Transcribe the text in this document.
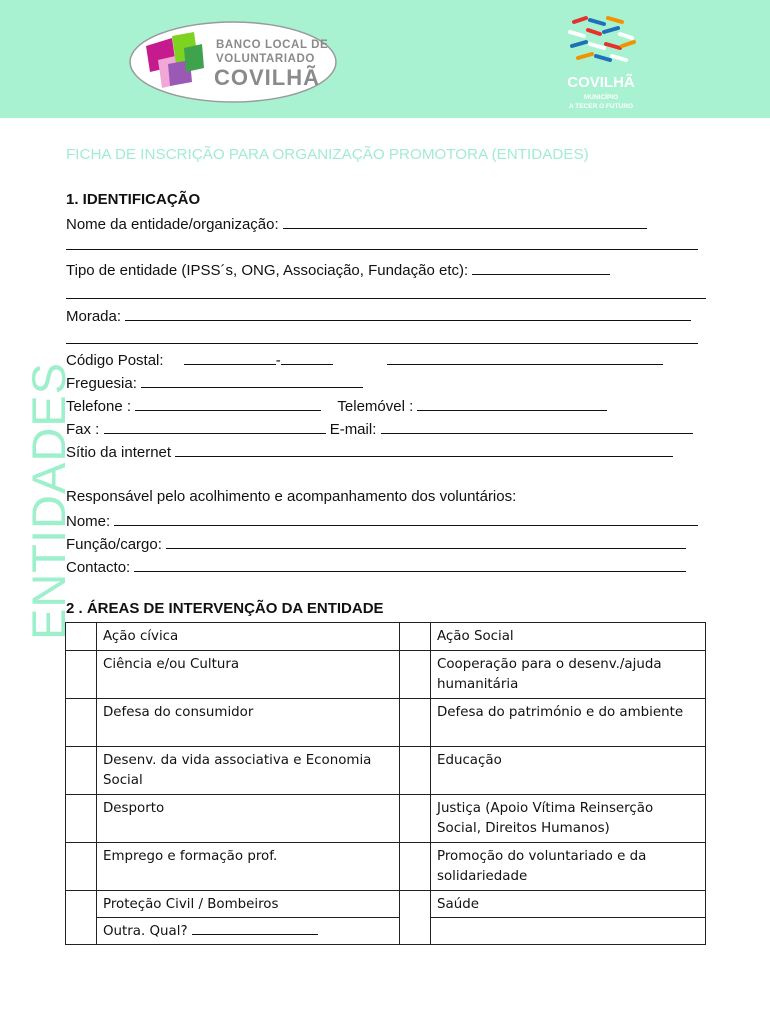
BANCO LOCAL DE
VOLUNTARIADO
COVILHÃ	COVILHÃ
MUNICÍPIO
A TECER O FUTURO
ENTIDADES
FICHA DE INSCRIÇÃO PARA ORGANIZAÇÃO PROMOTORA (ENTIDADES)
1. IDENTIFICAÇÃO
Nome da entidade/organização:
Tipo de entidade (IPSS´s, ONG, Associação, Fundação etc):
Morada:
Código Postal:	-
Freguesia:
Telefone :	Telemóvel :
Fax :	E-mail:
Sítio da internet
Responsável pelo acolhimento e acompanhamento dos voluntários:
Nome:
Função/cargo:
Contacto:
2 . ÁREAS DE INTERVENÇÃO DA ENTIDADE
	Ação cívica		Ação Social
	Ciência e/ou Cultura		Cooperação para o desenv./ajuda humanitária
	Defesa do consumidor		Defesa do património e do ambiente
	Desenv. da vida associativa e Economia Social		Educação
	Desporto		Justiça (Apoio Vítima Reinserção Social, Direitos Humanos)
	Emprego e formação prof.		Promoção do voluntariado e da solidariedade
	Proteção Civil / Bombeiros		Saúde
	Outra. Qual?		
